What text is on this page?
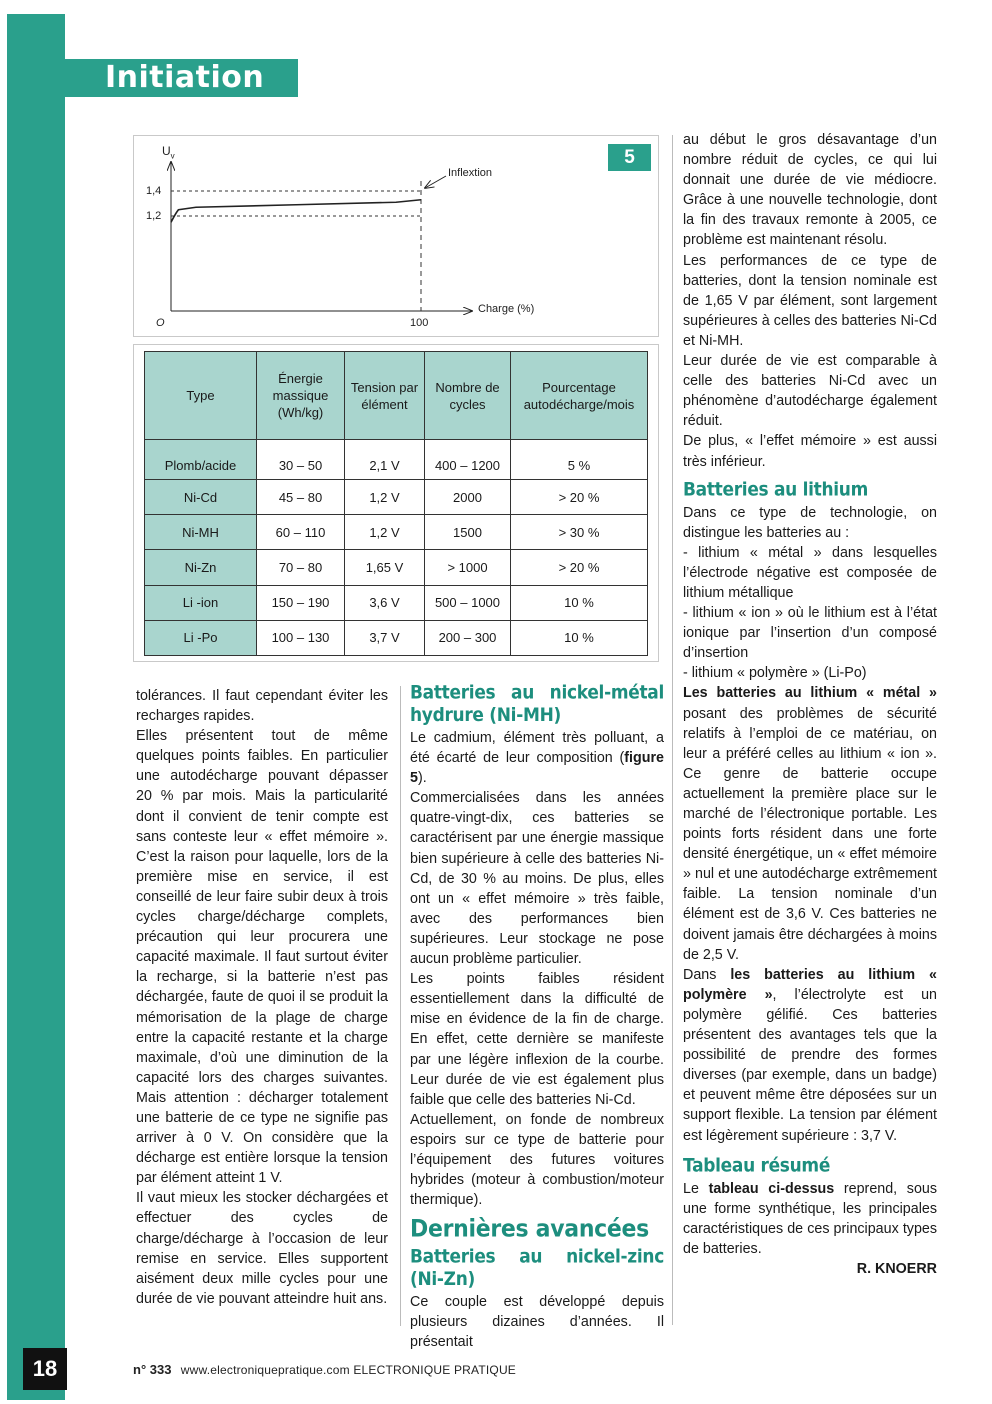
Initiation
5
$U_v$
1,4
1,2
O	100
Charge (%)
Inflextion
Type	Énergie massique (Wh/kg)	Tension par élément	Nombre de cycles	Pourcentage autodécharge/mois
Plomb/acide	30 – 50	2,1 V	400 – 1200	5 %
Ni-Cd	45 – 80	1,2 V	2000	> 20 %
Ni-MH	60 – 110	1,2 V	1500	> 30 %
Ni-Zn	70 – 80	1,65 V	> 1000	> 20 %
Li -ion	150 – 190	3,6 V	500 – 1000	10 %
Li -Po	100 – 130	3,7 V	200 – 300	10 %

tolérances. Il faut cependant éviter les recharges rapides.

Elles présentent tout de même quelques points faibles. En particulier une autodécharge pouvant dépasser 20 % par mois. Mais la particularité dont il convient de tenir compte est sans conteste leur « effet mémoire ». C’est la raison pour laquelle, lors de la première mise en service, il est conseillé de leur faire subir deux à trois cycles charge/décharge complets, précaution qui leur procurera une capacité maximale. Il faut surtout éviter la recharge, si la batterie n’est pas déchargée, faute de quoi il se produit la mémorisation de la plage de charge entre la capacité restante et la charge maximale, d’où une diminution de la capacité lors des charges suivantes. Mais attention : décharger totalement une batterie de ce type ne signifie pas arriver à 0 V. On considère que la décharge est entière lorsque la tension par élément atteint 1 V.

Il vaut mieux les stocker déchargées et effectuer des cycles de charge/décharge à l’occasion de leur remise en service. Elles supportent aisément deux mille cycles pour une durée de vie pouvant atteindre huit ans.

Batteries au nickel-métal hydrure (Ni-MH)

Le cadmium, élément très polluant, a été écarté de leur composition (figure 5).

Commercialisées dans les années quatre-vingt-dix, ces batteries se caractérisent par une énergie massique bien supérieure à celle des batteries Ni-Cd, de 30 % au moins. De plus, elles ont un « effet mémoire » très faible, avec des performances bien supérieures. Leur stockage ne pose aucun problème particulier.

Les points faibles résident essentiellement dans la difficulté de mise en évidence de la fin de charge. En effet, cette dernière se manifeste par une légère inflexion de la courbe. Leur durée de vie est également plus faible que celle des batteries Ni-Cd.

Actuellement, on fonde de nombreux espoirs sur ce type de batterie pour l’équipement des futures voitures hybrides (moteur à combustion/moteur thermique).

Dernières avancées
Batteries au nickel-zinc (Ni-Zn)

Ce couple est développé depuis plusieurs dizaines d’années. Il présentait

au début le gros désavantage d’un nombre réduit de cycles, ce qui lui donnait une durée de vie médiocre. Grâce à une nouvelle technologie, dont la fin des travaux remonte à 2005, ce problème est maintenant résolu.

Les performances de ce type de batteries, dont la tension nominale est de 1,65 V par élément, sont largement supérieures à celles des batteries Ni-Cd et Ni-MH.

Leur durée de vie est comparable à celle des batteries Ni-Cd avec un phénomène d’autodécharge également réduit.

De plus, « l’effet mémoire » est aussi très inférieur.

Batteries au lithium

Dans ce type de technologie, on distingue les batteries au :

- lithium « métal » dans lesquelles l’électrode négative est composée de lithium métallique

- lithium « ion » où le lithium est à l’état ionique par l’insertion d’un composé d’insertion

- lithium « polymère » (Li-Po)

Les batteries au lithium « métal » posant des problèmes de sécurité relatifs à l’emploi de ce matériau, on leur a préféré celles au lithium « ion ». Ce genre de batterie occupe actuellement la première place sur le marché de l’électronique portable. Les points forts résident dans une forte densité énergétique, un « effet mémoire » nul et une autodécharge extrêmement faible. La tension nominale d’un élément est de 3,6 V. Ces batteries ne doivent jamais être déchargées à moins de 2,5 V.

Dans les batteries au lithium « polymère », l’électrolyte est un polymère gélifié. Ces batteries présentent des avantages tels que la possibilité de prendre des formes diverses (par exemple, dans un badge) et peuvent même être déposées sur un support flexible. La tension par élément est légèrement supérieure : 3,7 V.

Tableau résumé

Le tableau ci-dessus reprend, sous une forme synthétique, les principales caractéristiques de ces principaux types de batteries.

R. KNOERR

18	n° 333 www.electroniquepratique.com ELECTRONIQUE PRATIQUE
